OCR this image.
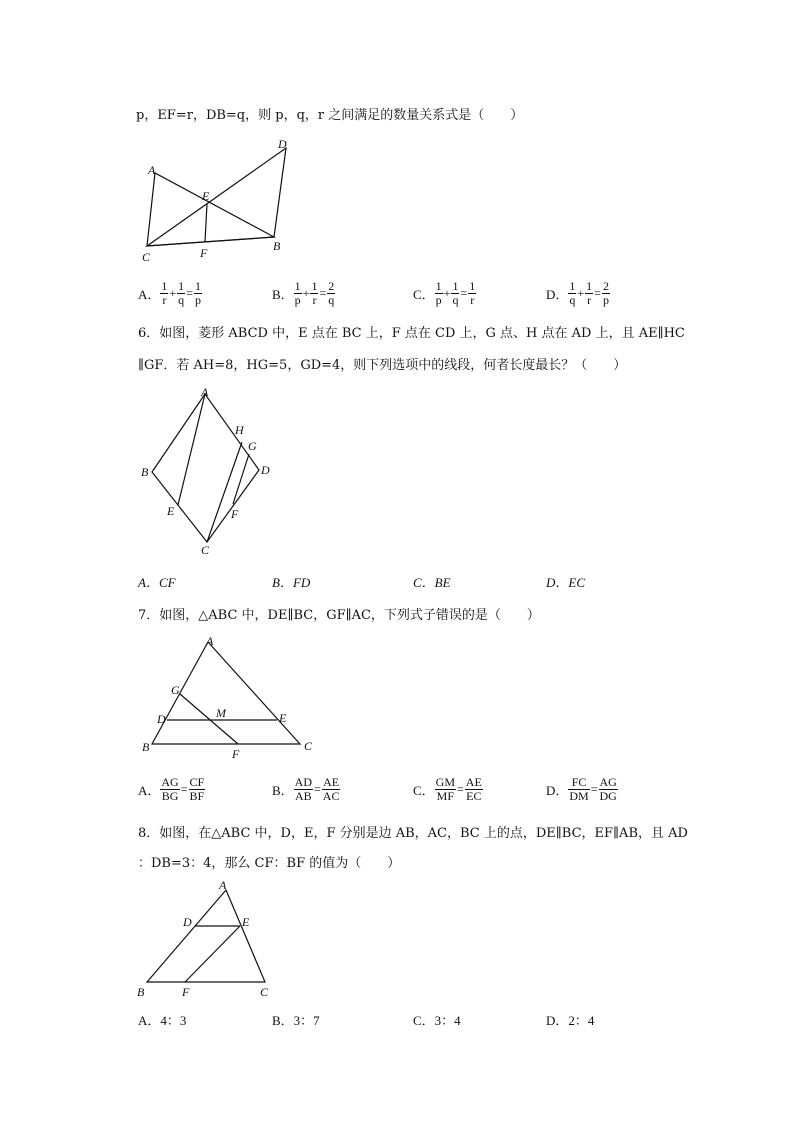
p，EF=r，DB=q，则 p，q，r 之间满足的数量关系式是（　　）
A
D
E
F	B
C
A． $\frac{1}{r} + \frac{1}{q} = \frac{1}{p}$	B． $\frac{1}{p} + \frac{1}{r} = \frac{2}{q}$	C． $\frac{1}{p} + \frac{1}{q} = \frac{1}{r}$	D． $\frac{1}{q} + \frac{1}{r} = \frac{2}{p}$
6．如图，菱形 ABCD 中，E 点在 BC 上，F 点在 CD 上，G 点、H 点在 AD 上，且 AE∥HC
∥GF．若 AH=8，HG=5，GD=4，则下列选项中的线段，何者长度最长？（　　）
A
B
C
D
E	F
G
H
A．CF	B．FD	C．BE	D．EC
7．如图，△ABC 中，DE∥BC，GF∥AC，下列式子错误的是（　　）
A
B	C
D	E
F
G
M
A． $\frac{AG}{BG} = \frac{CF}{BF}$	B． $\frac{AD}{AB} = \frac{AE}{AC}$	C． $\frac{GM}{MF} = \frac{AE}{EC}$	D． $\frac{FC}{DM} = \frac{AG}{DG}$
8．如图，在△ABC 中，D，E，F 分别是边 AB，AC，BC 上的点，DE∥BC，EF∥AB，且 AD
：DB=3：4，那么 CF：BF 的值为（　　）
A
B	C
D	E
F
A．4：3	B．3：7	C．3：4	D．2：4
